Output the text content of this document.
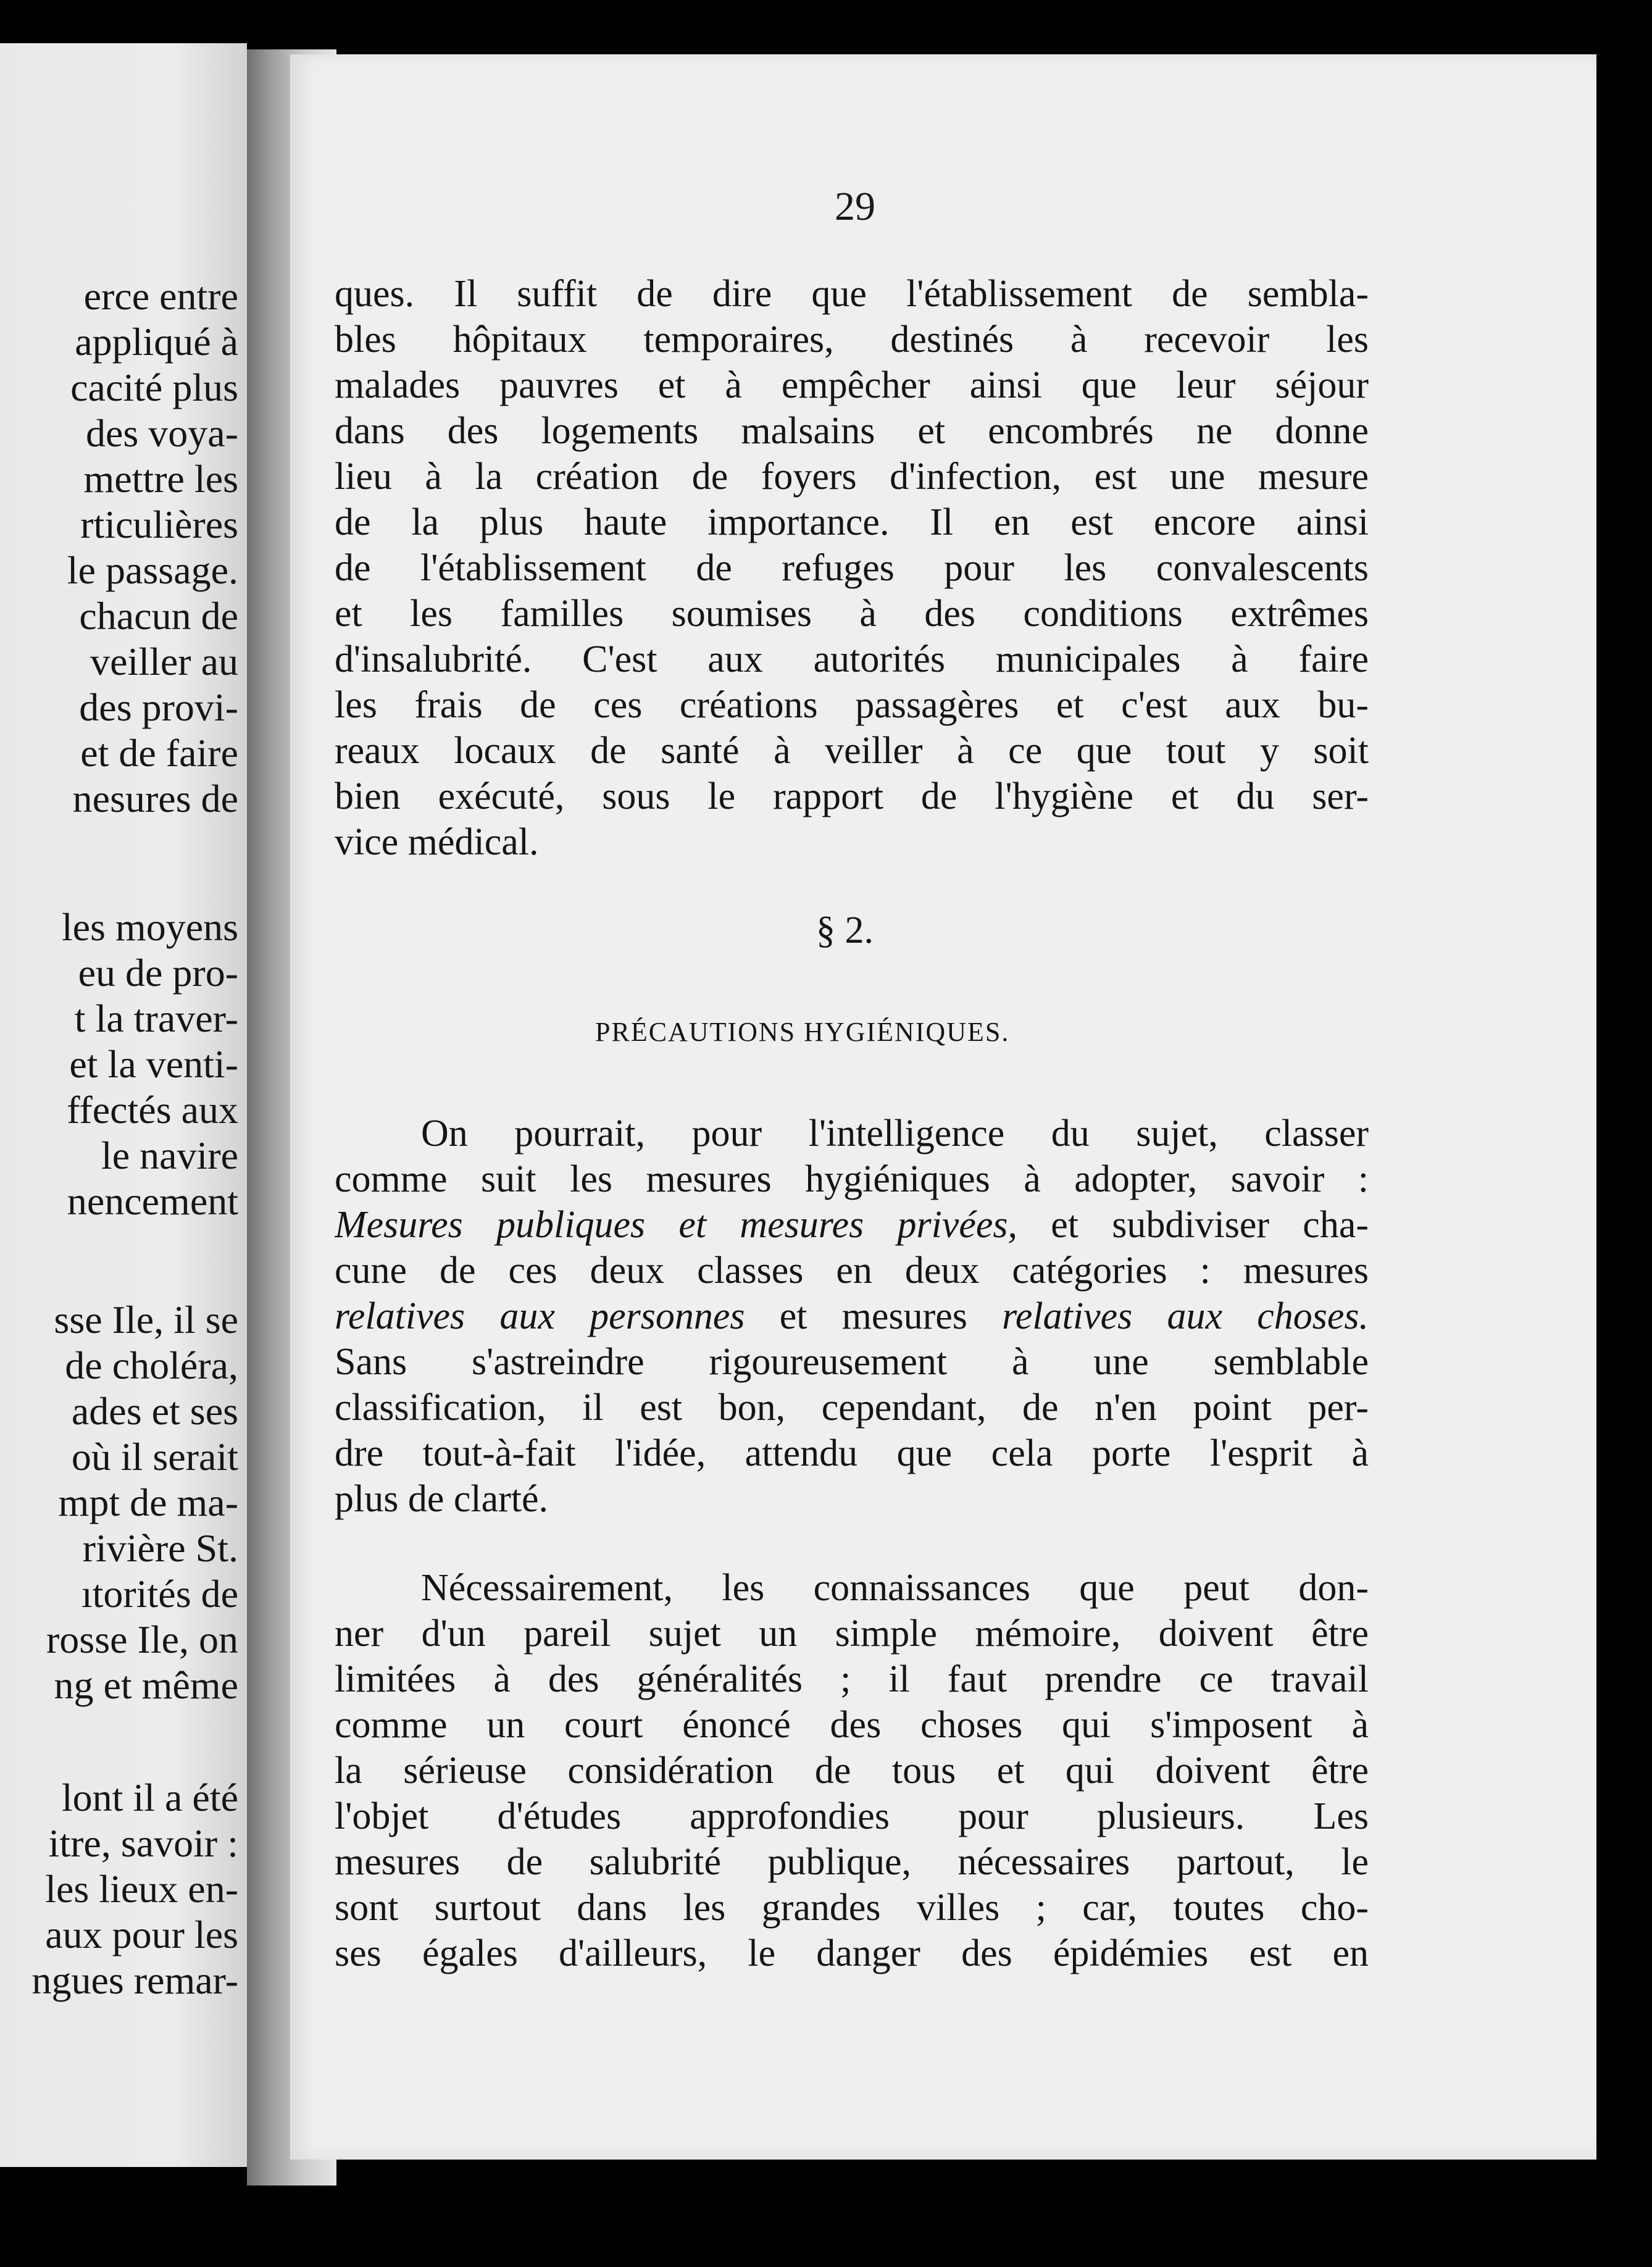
erce entre
appliqué à
cacité plus
des voya-
mettre les
rticulières
le passage.
chacun de
veiller au
des provi-
et de faire
nesures de
les moyens
eu de pro-
t la traver-
et la venti-
ffectés aux
le navire
nencement
sse Ile, il se
de choléra,
ades et ses
où il serait
mpt de ma-
rivière St.
ıtorités de
rosse Ile, on
ng et même
lont il a été
itre, savoir :
les lieux en-
aux pour les
ngues remar-
29
ques. Il suffit de dire que l'établissement de sembla-
bles hôpitaux temporaires, destinés à recevoir les
malades pauvres et à empêcher ainsi que leur séjour
dans des logements malsains et encombrés ne donne
lieu à la création de foyers d'infection, est une mesure
de la plus haute importance. Il en est encore ainsi
de l'établissement de refuges pour les convalescents
et les familles soumises à des conditions extrêmes
d'insalubrité. C'est aux autorités municipales à faire
les frais de ces créations passagères et c'est aux bu-
reaux locaux de santé à veiller à ce que tout y soit
bien exécuté, sous le rapport de l'hygiène et du ser-
vice médical.
§ 2.
PRÉCAUTIONS HYGIÉNIQUES.
On pourrait, pour l'intelligence du sujet, classer
comme suit les mesures hygiéniques à adopter, savoir :
Mesures publiques et mesures privées, et subdiviser cha-
cune de ces deux classes en deux catégories : mesures
relatives aux personnes et mesures relatives aux choses.
Sans s'astreindre rigoureusement à une semblable
classification, il est bon, cependant, de n'en point per-
dre tout-à-fait l'idée, attendu que cela porte l'esprit à
plus de clarté.
Nécessairement, les connaissances que peut don-
ner d'un pareil sujet un simple mémoire, doivent être
limitées à des généralités ; il faut prendre ce travail
comme un court énoncé des choses qui s'imposent à
la sérieuse considération de tous et qui doivent être
l'objet d'études approfondies pour plusieurs. Les
mesures de salubrité publique, nécessaires partout, le
sont surtout dans les grandes villes ; car, toutes cho-
ses égales d'ailleurs, le danger des épidémies est en
